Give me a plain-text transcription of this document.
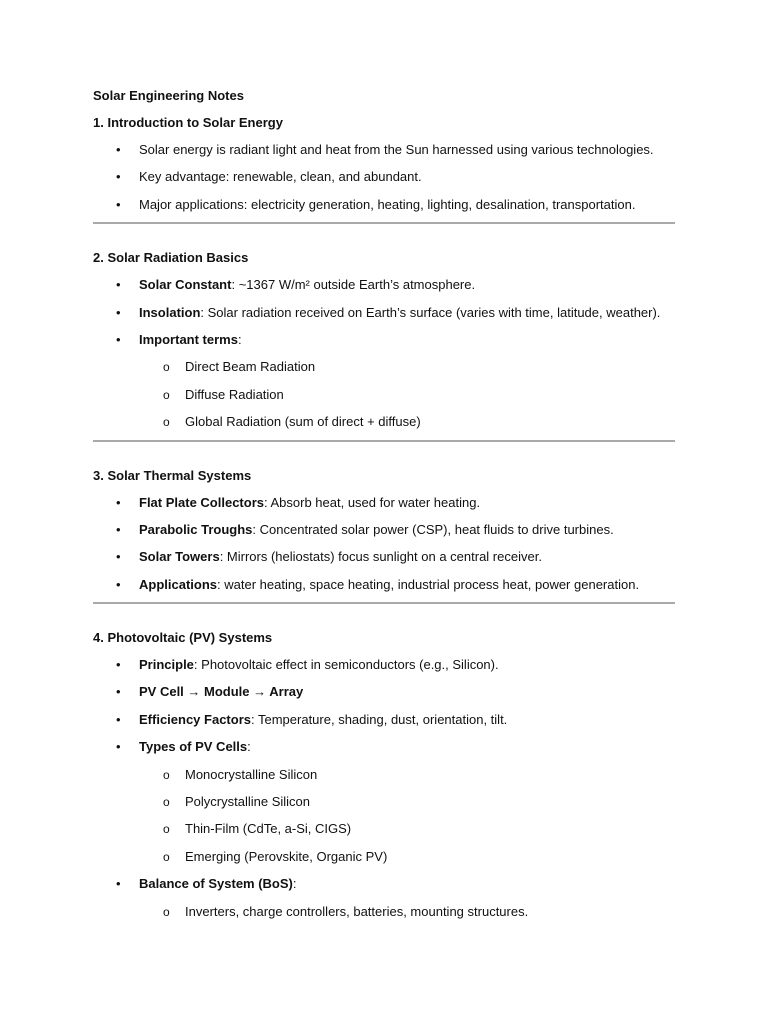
Solar Engineering Notes
1. Introduction to Solar Energy
• Solar energy is radiant light and heat from the Sun harnessed using various technologies.
• Key advantage: renewable, clean, and abundant.
• Major applications: electricity generation, heating, lighting, desalination, transportation.
2. Solar Radiation Basics
• Solar Constant: ~1367 W/m² outside Earth’s atmosphere.
• Insolation: Solar radiation received on Earth’s surface (varies with time, latitude, weather).
• Important terms:
o Direct Beam Radiation
o Diffuse Radiation
o Global Radiation (sum of direct + diffuse)
3. Solar Thermal Systems
• Flat Plate Collectors: Absorb heat, used for water heating.
• Parabolic Troughs: Concentrated solar power (CSP), heat fluids to drive turbines.
• Solar Towers: Mirrors (heliostats) focus sunlight on a central receiver.
• Applications: water heating, space heating, industrial process heat, power generation.
4. Photovoltaic (PV) Systems
• Principle: Photovoltaic effect in semiconductors (e.g., Silicon).
• PV Cell → Module → Array
• Efficiency Factors: Temperature, shading, dust, orientation, tilt.
• Types of PV Cells:
o Monocrystalline Silicon
o Polycrystalline Silicon
o Thin-Film (CdTe, a-Si, CIGS)
o Emerging (Perovskite, Organic PV)
• Balance of System (BoS):
o Inverters, charge controllers, batteries, mounting structures.
